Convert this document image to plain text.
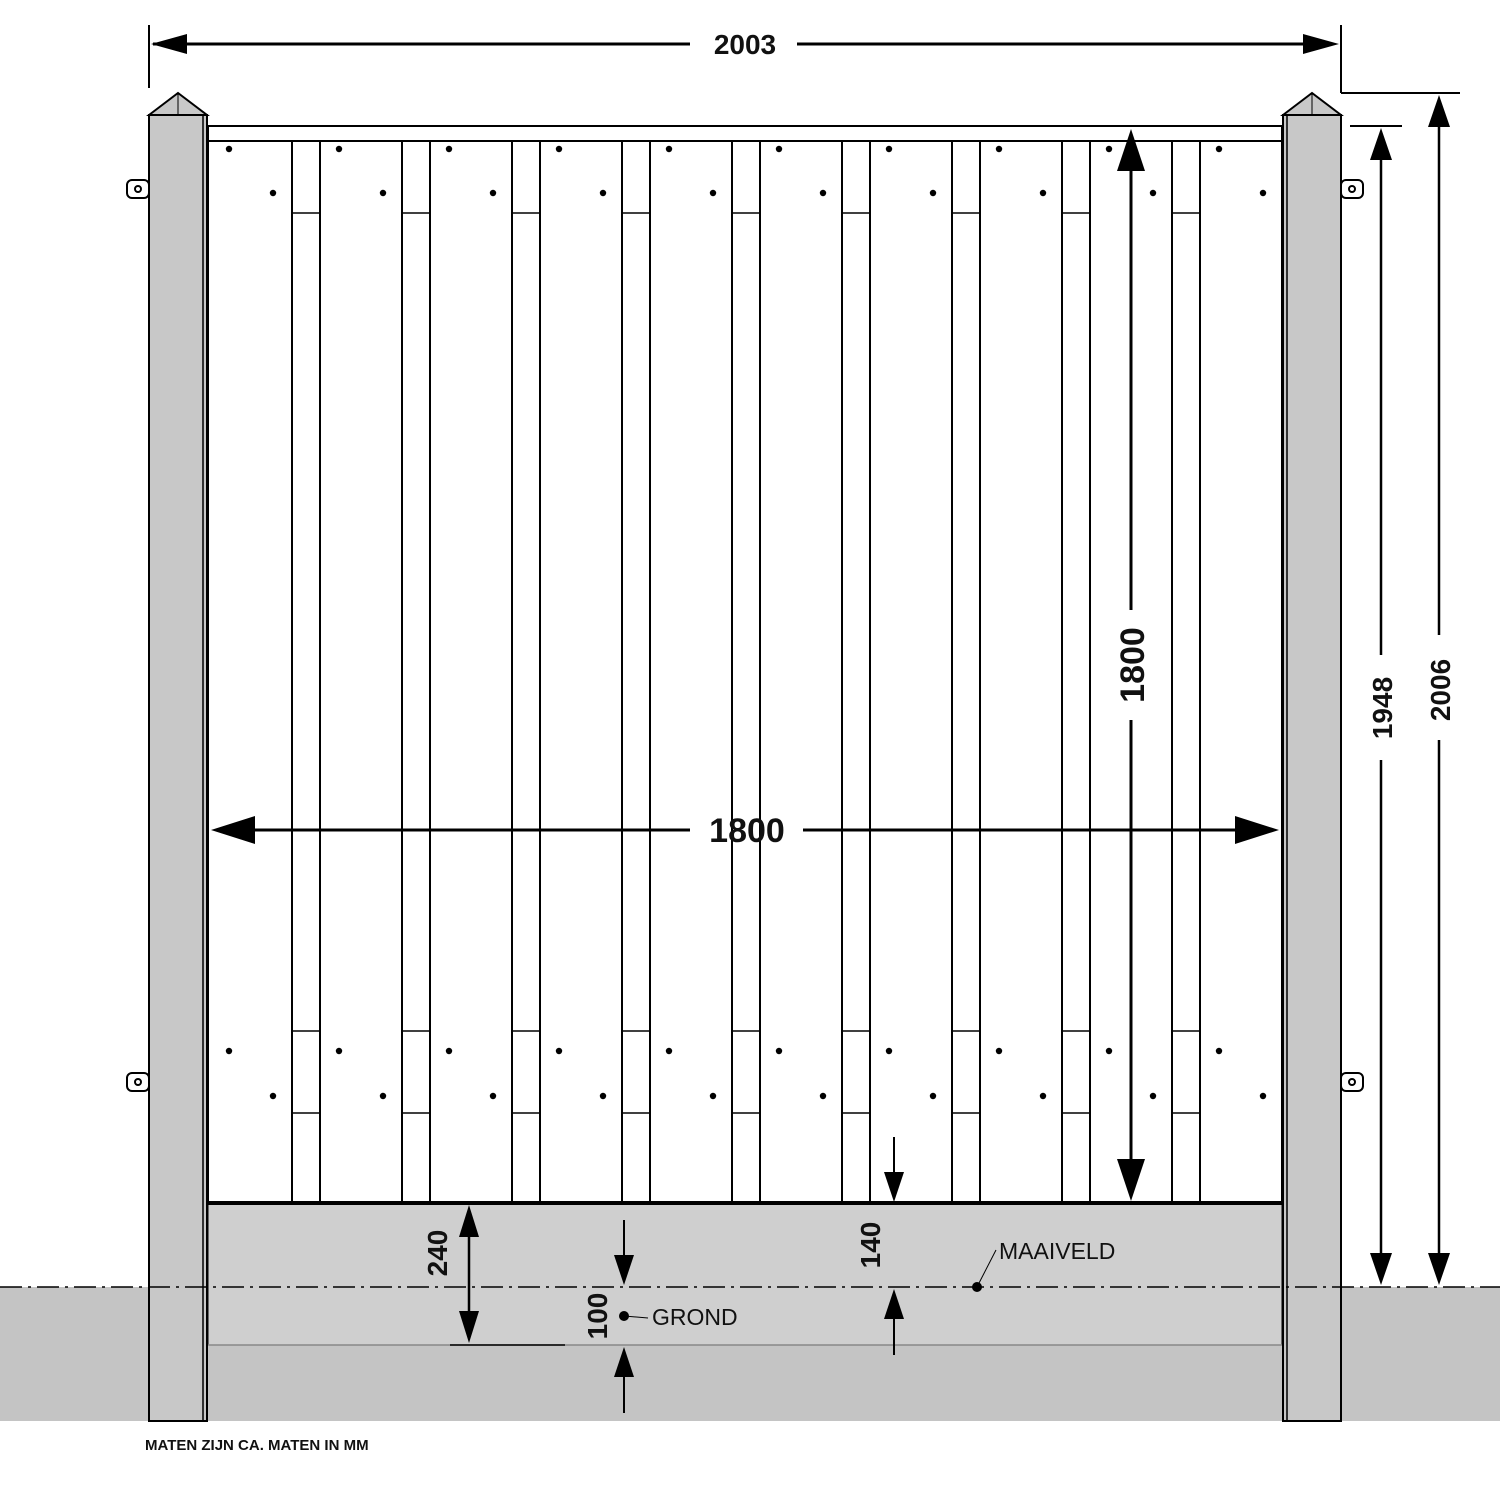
2003
1800
1800
1948 2006
240
100
140	MAAIVELD
GROND
MATEN ZIJN CA. MATEN IN MM
